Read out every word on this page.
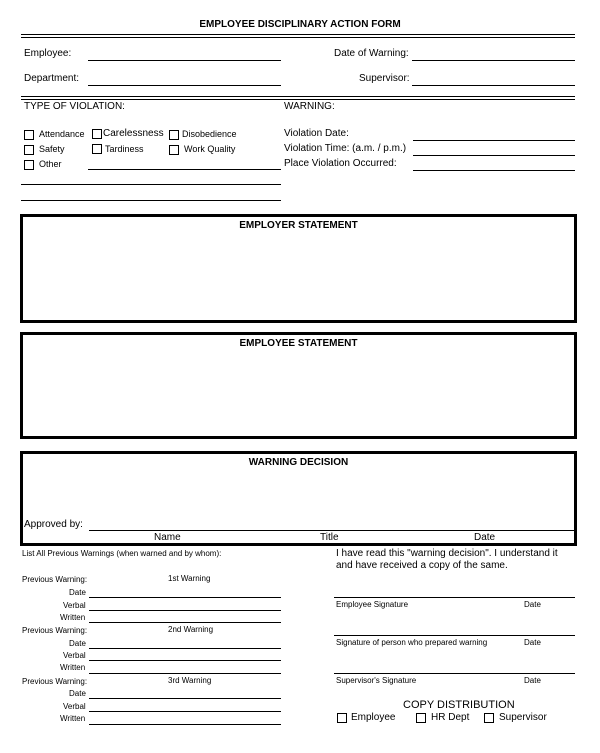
EMPLOYEE DISCIPLINARY ACTION FORM
Employee:	Date of Warning:
Department:	Supervisor:
TYPE OF VIOLATION:	WARNING:
Attendance Carelessness Disobedience
Safety	Tardiness	Work Quality
Other
Violation Date:
Violation Time: (a.m. / p.m.)
Place Violation Occurred:
EMPLOYER STATEMENT
EMPLOYEE STATEMENT
WARNING DECISION
Approved by:
Name	Title	Date
List All Previous Warnings (when warned and by whom):
Previous Warning:	1st Warning
Date
Verbal
Written
Previous Warning:	2nd Warning
Date
Verbal
Written
Previous Warning:	3rd Warning
Date
Verbal
Written
I have read this "warning decision". I understand it
and have received a copy of the same.
Employee Signature	Date
Signature of person who prepared warning	Date
Supervisor's Signature	Date
COPY DISTRIBUTION
Employee	HR Dept	Supervisor
